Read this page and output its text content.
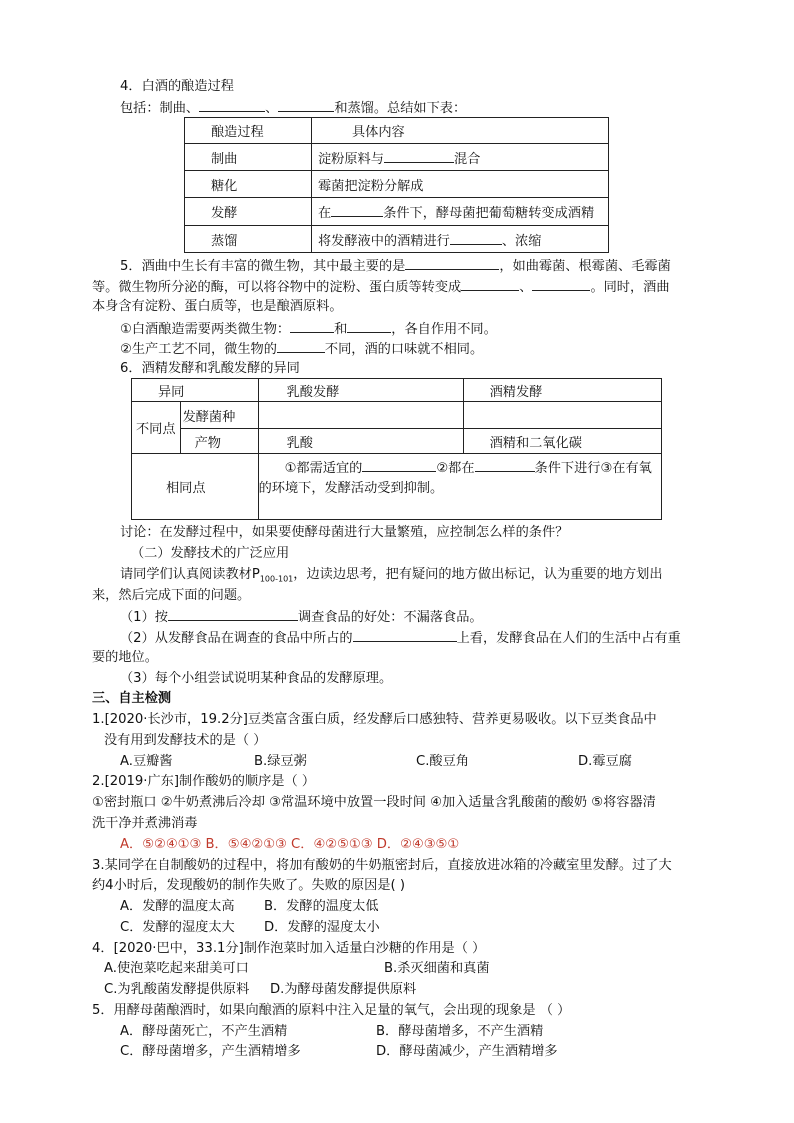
4．白酒的酿造过程
包括：制曲、	、	和蒸馏。总结如下表：
酿造过程	具体内容
制曲	淀粉原料与 混合
糖化	霉菌把淀粉分解成
发酵	在 条件下，酵母菌把葡萄糖转变成酒精
蒸馏	将发酵液中的酒精进行 、浓缩
5．酒曲中生长有丰富的微生物，其中最主要的是	，如曲霉菌、根霉菌、毛霉菌
等。微生物所分泌的酶，可以将谷物中的淀粉、蛋白质等转变成	、	。同时，酒曲
本身含有淀粉、蛋白质等，也是酿酒原料。
①白酒酿造需要两类微生物：	和	，各自作用不同。
②生产工艺不同，微生物的	不同，酒的口味就不相同。
6．酒精发酵和乳酸发酵的异同
异同		乳酸发酵	酒精发酵
不同点	发酵菌种		
	产物	乳酸	酒精和二氧化碳
相同点		①都需适宜的 ②都在 条件下进行③在有氧
的环境下，发酵活动受到抑制。	
讨论：在发酵过程中，如果要使酵母菌进行大量繁殖，应控制怎么样的条件？
（二）发酵技术的广泛应用
请同学们认真阅读教材$P_{100-101}$，边读边思考，把有疑问的地方做出标记，认为重要的地方划出
来，然后完成下面的问题。
（1）按	调查食品的好处：不漏落食品。
（2）从发酵食品在调查的食品中所占的	上看，发酵食品在人们的生活中占有重
要的地位。
（3）每个小组尝试说明某种食品的发酵原理。
三、自主检测
1.[2020·长沙市，19.2分]豆类富含蛋白质，经发酵后口感独特、营养更易吸收。以下豆类食品中
没有用到发酵技术的是（ ）
A.豆瓣酱	B.绿豆粥	C.酸豆角	D.霉豆腐
2.[2019·广东]制作酸奶的顺序是（ ）
①密封瓶口 ②牛奶煮沸后冷却 ③常温环境中放置一段时间 ④加入适量含乳酸菌的酸奶 ⑤将容器清
洗干净并煮沸消毒
A．⑤②④①③ B．⑤④②①③ C．④②⑤①③ D．②④③⑤①
3.某同学在自制酸奶的过程中，将加有酸奶的牛奶瓶密封后，直接放进冰箱的冷藏室里发酵。过了大
约4小时后，发现酸奶的制作失败了。失败的原因是( )
A．发酵的温度太高 B．发酵的温度太低
C．发酵的湿度太大 D．发酵的湿度太小
4．[2020·巴中，33.1分]制作泡菜时加入适量白沙糖的作用是（ ）
A.使泡菜吃起来甜美可口	B.杀灭细菌和真菌
C.为乳酸菌发酵提供原料 D.为酵母菌发酵提供原料
5．用酵母菌酿酒时，如果向酿酒的原料中注入足量的氧气，会出现的现象是 （ ）
A．酵母菌死亡，不产生酒精	B．酵母菌增多，不产生酒精
C．酵母菌增多，产生酒精增多	D．酵母菌减少，产生酒精增多
